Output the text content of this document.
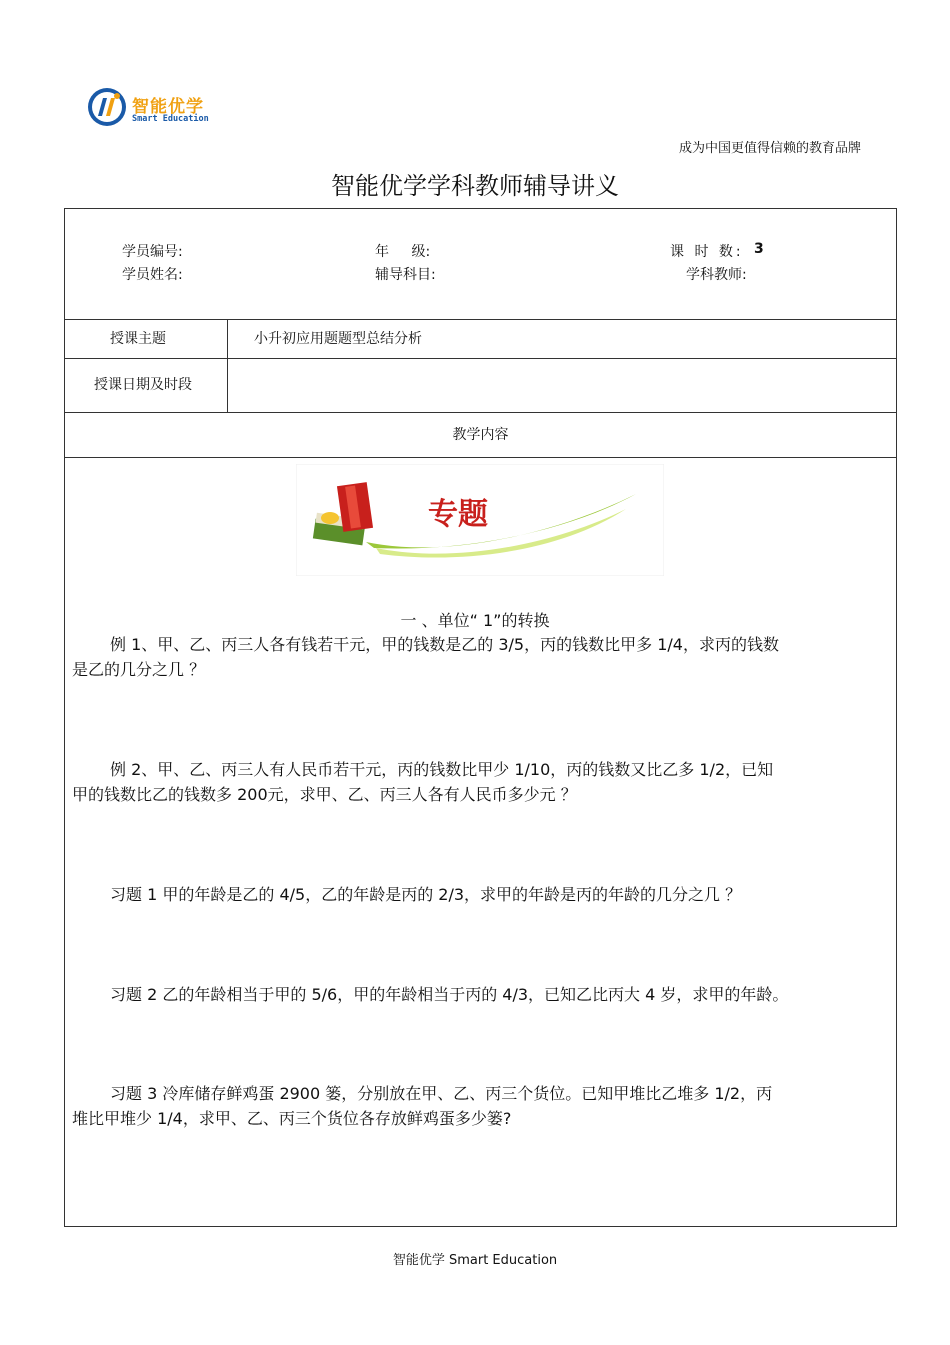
智能优学
Smart Education
成为中国更值得信赖的教育品牌
智能优学学科教师辅导讲义
学员编号:	年 级:	课 时 数: 3
学员姓名:	辅导科目:	学科教师:
授课主题	小升初应用题题型总结分析
授课日期及时段
教学内容
专题
一 、单位“ 1”的转换

例 1、甲、乙、丙三人各有钱若干元，甲的钱数是乙的 3/5，丙的钱数比甲多 1/4，求丙的钱数

是乙的几分之几 ？

例 2、甲、乙、丙三人有人民币若干元，丙的钱数比甲少 1/10，丙的钱数又比乙多 1/2，已知

甲的钱数比乙的钱数多 200元，求甲、乙、丙三人各有人民币多少元 ？

习题 1 甲的年龄是乙的 4/5，乙的年龄是丙的 2/3，求甲的年龄是丙的年龄的几分之几 ？

习题 2 乙的年龄相当于甲的 5/6，甲的年龄相当于丙的 4/3，已知乙比丙大 4 岁，求甲的年龄。

习题 3 冷库储存鲜鸡蛋 2900 篓，分别放在甲、乙、丙三个货位。已知甲堆比乙堆多 1/2，丙

堆比甲堆少 1/4，求甲、乙、丙三个货位各存放鲜鸡蛋多少篓?

智能优学 Smart Education
